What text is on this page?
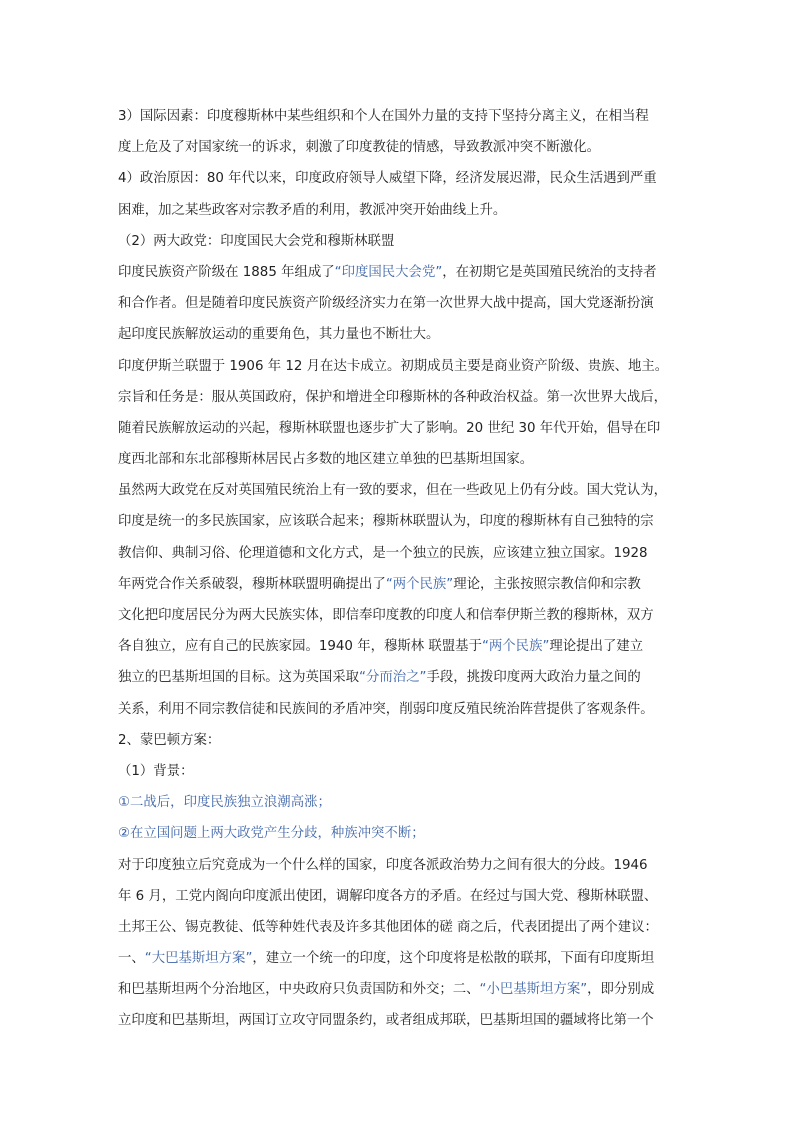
3）国际因素：印度穆斯林中某些组织和个人在国外力量的支持下坚持分离主义，在相当程
度上危及了对国家统一的诉求，刺激了印度教徒的情感，导致教派冲突不断激化。
4）政治原因：80 年代以来，印度政府领导人威望下降，经济发展迟滞，民众生活遇到严重
困难，加之某些政客对宗教矛盾的利用，教派冲突开始曲线上升。
（2）两大政党：印度国民大会党和穆斯林联盟
印度民族资产阶级在 1885 年组成了“印度国民大会党”，在初期它是英国殖民统治的支持者
和合作者。但是随着印度民族资产阶级经济实力在第一次世界大战中提高，国大党逐渐扮演
起印度民族解放运动的重要角色，其力量也不断壮大。
印度伊斯兰联盟于 1906 年 12 月在达卡成立。初期成员主要是商业资产阶级、贵族、地主。
宗旨和任务是：服从英国政府，保护和增进全印穆斯林的各种政治权益。第一次世界大战后，
随着民族解放运动的兴起，穆斯林联盟也逐步扩大了影响。20 世纪 30 年代开始，倡导在印
度西北部和东北部穆斯林居民占多数的地区建立单独的巴基斯坦国家。
虽然两大政党在反对英国殖民统治上有一致的要求，但在一些政见上仍有分歧。国大党认为，
印度是统一的多民族国家，应该联合起来；穆斯林联盟认为，印度的穆斯林有自己独特的宗
教信仰、典制习俗、伦理道德和文化方式，是一个独立的民族，应该建立独立国家。1928
年两党合作关系破裂，穆斯林联盟明确提出了“两个民族”理论，主张按照宗教信仰和宗教
文化把印度居民分为两大民族实体，即信奉印度教的印度人和信奉伊斯兰教的穆斯林，双方
各自独立，应有自己的民族家园。1940 年，穆斯林 联盟基于“两个民族”理论提出了建立
独立的巴基斯坦国的目标。这为英国采取“分而治之”手段，挑拨印度两大政治力量之间的
关系，利用不同宗教信徒和民族间的矛盾冲突，削弱印度反殖民统治阵营提供了客观条件。
2、蒙巴顿方案：
（1）背景：
①二战后，印度民族独立浪潮高涨；
②在立国问题上两大政党产生分歧，种族冲突不断；
对于印度独立后究竟成为一个什么样的国家，印度各派政治势力之间有很大的分歧。1946
年 6 月，工党内阁向印度派出使团，调解印度各方的矛盾。在经过与国大党、穆斯林联盟、
土邦王公、锡克教徒、低等种姓代表及许多其他团体的磋 商之后，代表团提出了两个建议：
一、“大巴基斯坦方案”，建立一个统一的印度，这个印度将是松散的联邦，下面有印度斯坦
和巴基斯坦两个分治地区，中央政府只负责国防和外交；二、“小巴基斯坦方案”，即分别成
立印度和巴基斯坦，两国订立攻守同盟条约，或者组成邦联，巴基斯坦国的疆域将比第一个
